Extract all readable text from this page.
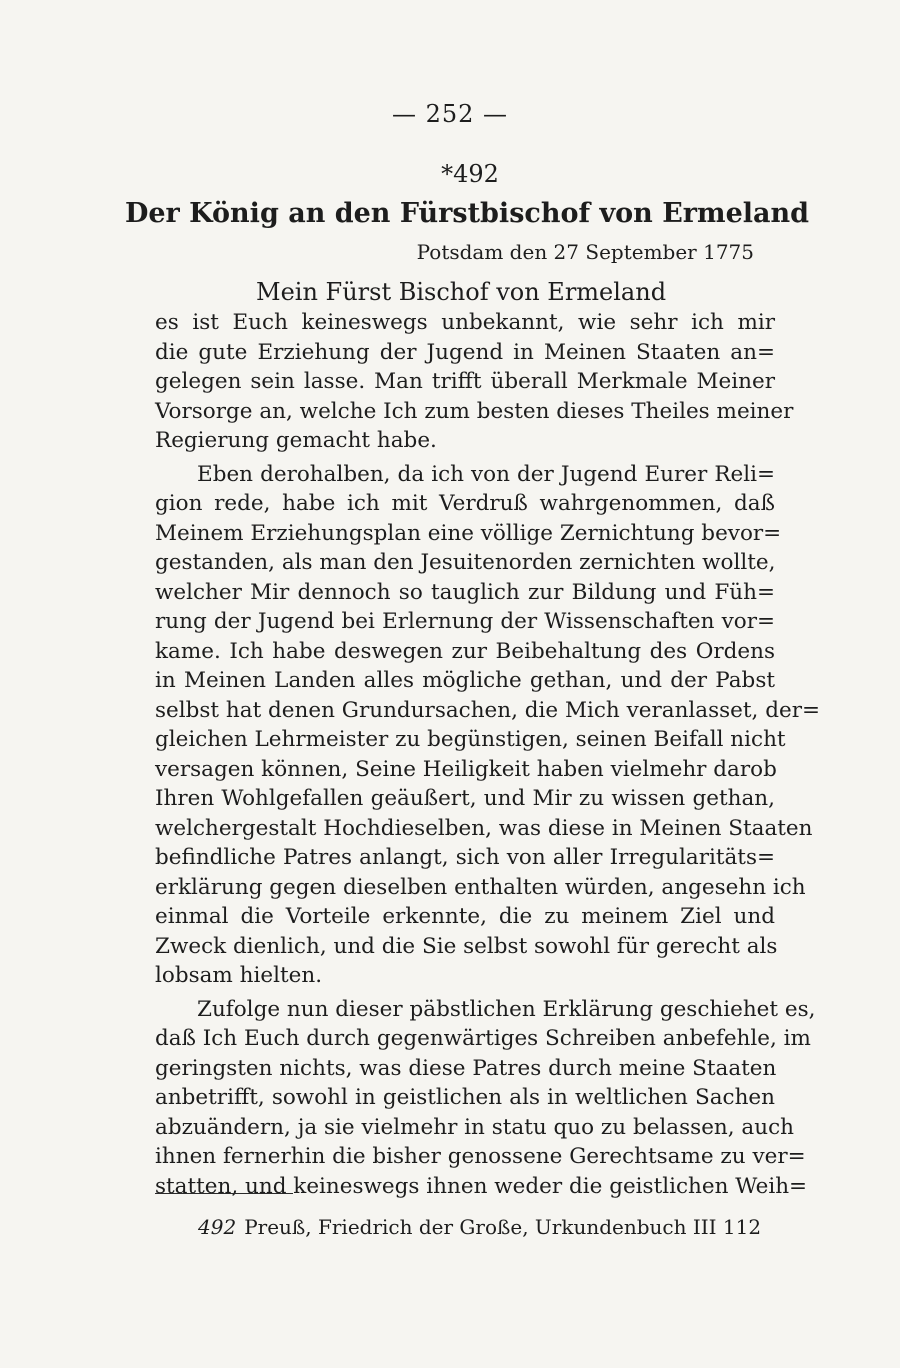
— 252 —
*492
Der König an den Fürstbischof von Ermeland
Potsdam den 27 September 1775
Mein Fürst Bischof von Ermeland
es ist Euch keineswegs unbekannt, wie sehr ich mir
die gute Erziehung der Jugend in Meinen Staaten an=
gelegen sein lasse. Man trifft überall Merkmale Meiner
Vorsorge an, welche Ich zum besten dieses Theiles meiner
Regierung gemacht habe.
Eben derohalben, da ich von der Jugend Eurer Reli=
gion rede, habe ich mit Verdruß wahrgenommen, daß
Meinem Erziehungsplan eine völlige Zernichtung bevor=
gestanden, als man den Jesuitenorden zernichten wollte,
welcher Mir dennoch so tauglich zur Bildung und Füh=
rung der Jugend bei Erlernung der Wissenschaften vor=
kame. Ich habe deswegen zur Beibehaltung des Ordens
in Meinen Landen alles mögliche gethan, und der Pabst
selbst hat denen Grundursachen, die Mich veranlasset, der=
gleichen Lehrmeister zu begünstigen, seinen Beifall nicht
versagen können, Seine Heiligkeit haben vielmehr darob
Ihren Wohlgefallen geäußert, und Mir zu wissen gethan,
welchergestalt Hochdieselben, was diese in Meinen Staaten
befindliche Patres anlangt, sich von aller Irregularitäts=
erklärung gegen dieselben enthalten würden, angesehn ich
einmal die Vorteile erkennte, die zu meinem Ziel und
Zweck dienlich, und die Sie selbst sowohl für gerecht als
lobsam hielten.
Zufolge nun dieser päbstlichen Erklärung geschiehet es,
daß Ich Euch durch gegenwärtiges Schreiben anbefehle, im
geringsten nichts, was diese Patres durch meine Staaten
anbetrifft, sowohl in geistlichen als in weltlichen Sachen
abzuändern, ja sie vielmehr in statu quo zu belassen, auch
ihnen fernerhin die bisher genossene Gerechtsame zu ver=
statten, und keineswegs ihnen weder die geistlichen Weih=
492 Preuß, Friedrich der Große, Urkundenbuch III 112
